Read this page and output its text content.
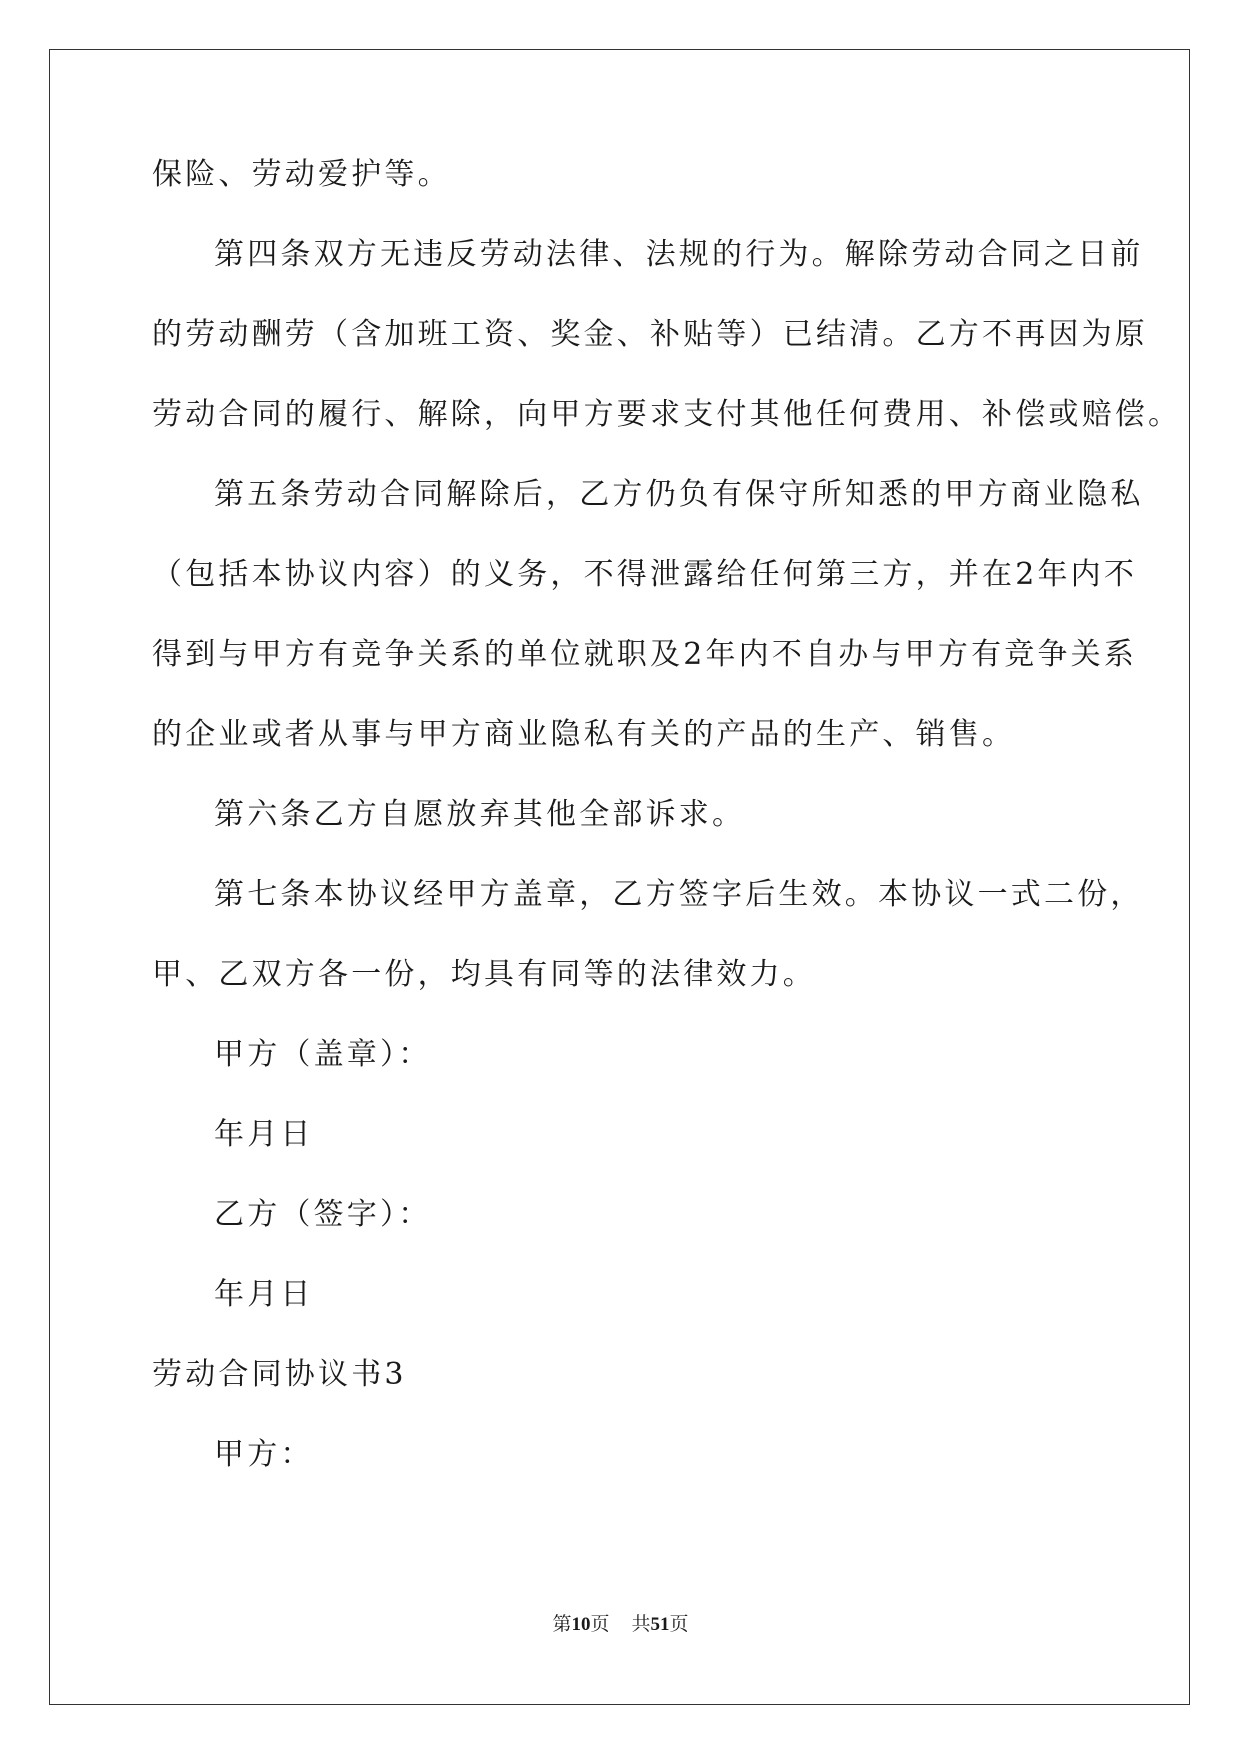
保险、劳动爱护等。
第四条双方无违反劳动法律、法规的行为。解除劳动合同之日前
的劳动酬劳（含加班工资、奖金、补贴等）已结清。乙方不再因为原
劳动合同的履行、解除，向甲方要求支付其他任何费用、补偿或赔偿。
第五条劳动合同解除后，乙方仍负有保守所知悉的甲方商业隐私
（包括本协议内容）的义务，不得泄露给任何第三方，并在2年内不
得到与甲方有竞争关系的单位就职及2年内不自办与甲方有竞争关系
的企业或者从事与甲方商业隐私有关的产品的生产、销售。
第六条乙方自愿放弃其他全部诉求。
第七条本协议经甲方盖章，乙方签字后生效。本协议一式二份，
甲、乙双方各一份，均具有同等的法律效力。
甲方（盖章）：
年月日
乙方（签字）：
年月日
劳动合同协议书3
甲方：
第10页 共51页
